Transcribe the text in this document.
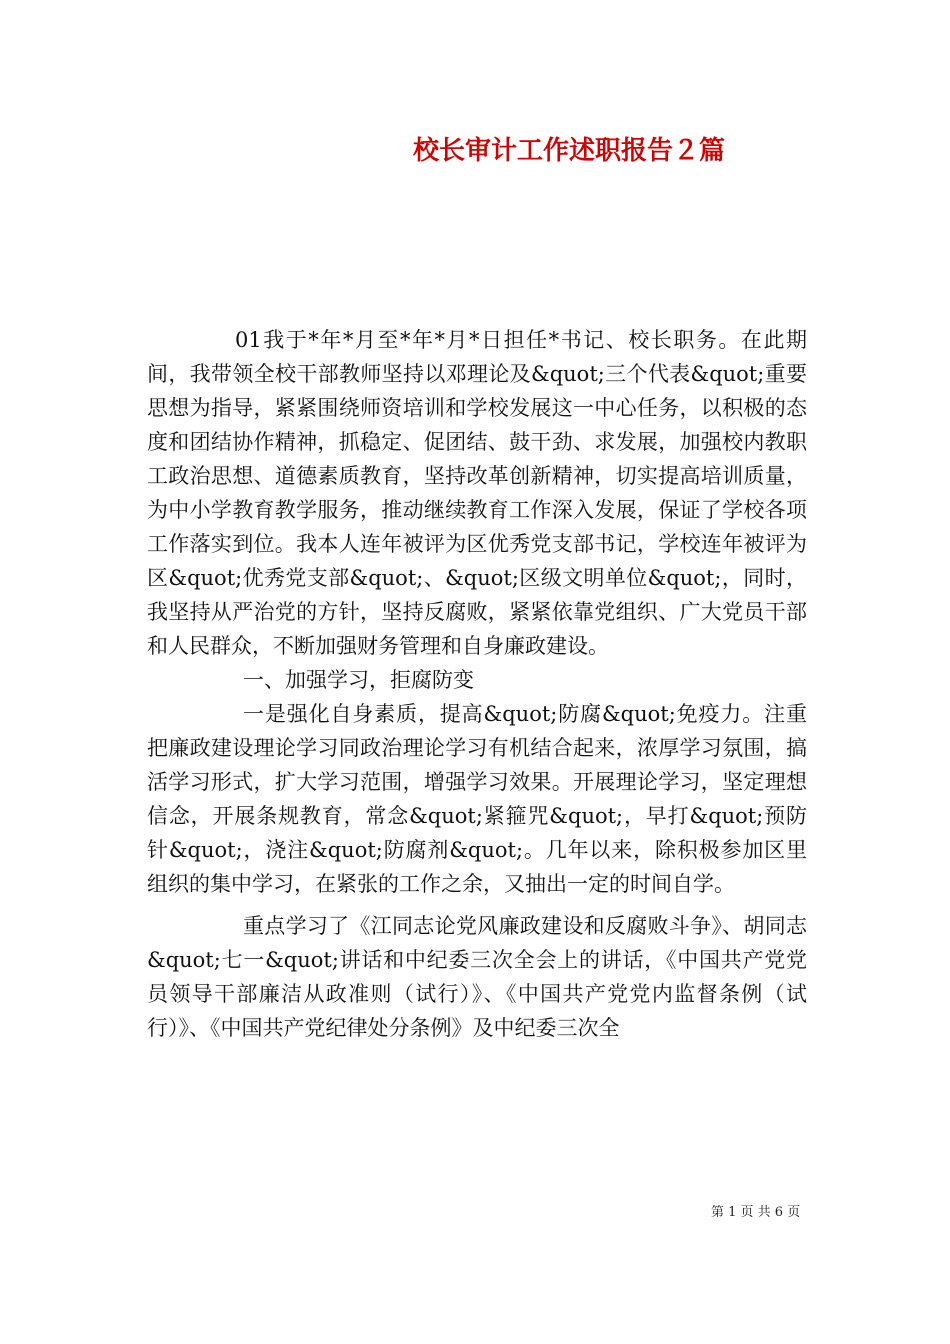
校长审计工作述职报告２篇

01我于*年*月至*年*月*日担任*书记、校长职务。在此期间，我带领全校干部教师坚持以邓理论及&quot;三个代表&quot;重要思想为指导，紧紧围绕师资培训和学校发展这一中心任务，以积极的态度和团结协作精神，抓稳定、促团结、鼓干劲、求发展，加强校内教职工政治思想、道德素质教育，坚持改革创新精神，切实提高培训质量，为中小学教育教学服务，推动继续教育工作深入发展，保证了学校各项工作落实到位。我本人连年被评为区优秀党支部书记，学校连年被评为区&quot;优秀党支部&quot;、&quot;区级文明单位&quot;，同时，我坚持从严治党的方针，坚持反腐败，紧紧依靠党组织、广大党员干部和人民群众，不断加强财务管理和自身廉政建设。

一、加强学习，拒腐防变

一是强化自身素质，提高&quot;防腐&quot;免疫力。注重把廉政建设理论学习同政治理论学习有机结合起来，浓厚学习氛围，搞活学习形式，扩大学习范围，增强学习效果。开展理论学习，坚定理想信念，开展条规教育，常念&quot;紧箍咒&quot;，早打&quot;预防针&quot;，浇注&quot;防腐剂&quot;。几年以来，除积极参加区里组织的集中学习，在紧张的工作之余，又抽出一定的时间自学。

重点学习了《江同志论党风廉政建设和反腐败斗争》、胡同志&quot;七一&quot;讲话和中纪委三次全会上的讲话，《中国共产党党员领导干部廉洁从政准则（试行）》、《中国共产党党内监督条例（试行）》、《中国共产党纪律处分条例》及中纪委三次全

第 1 页 共 6 页
